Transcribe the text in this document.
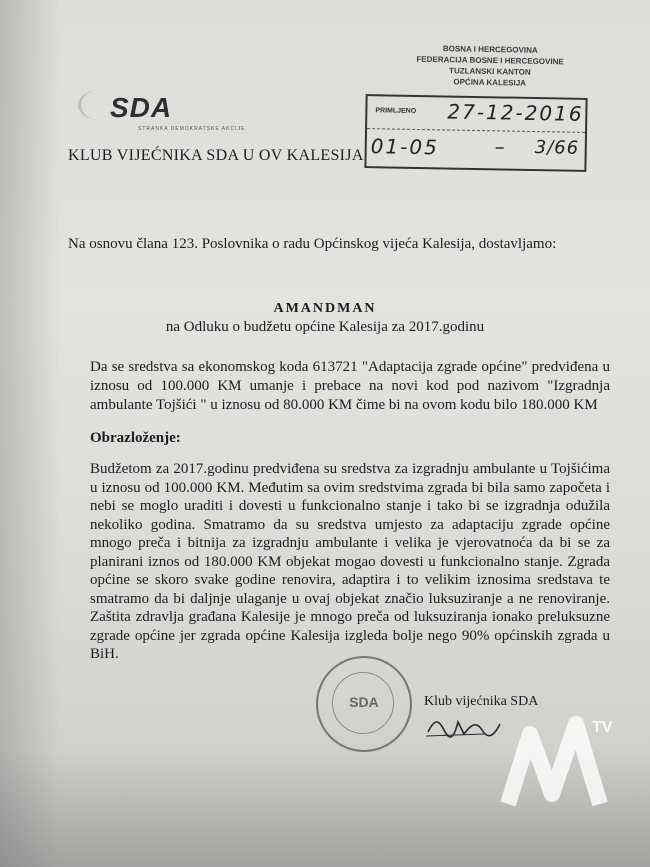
BOSNA I HERCEGOVINA
FEDERACIJA BOSNE I HERCEGOVINE
TUZLANSKI KANTON
OPĆINA KALESIJA
PRIMLJENO 27-12-2016
01-05	– 3/66
SDA
STRANKA DEMOKRATSKE AKCIJE
KLUB VIJEĆNIKA SDA U OV KALESIJA
Na osnovu člana 123. Poslovnika o radu Općinskog vijeća Kalesija, dostavljamo:
AMANDMAN
na Odluku o budžetu općine Kalesija za 2017.godinu
Da se sredstva sa ekonomskog koda 613721 "Adaptacija zgrade općine" predviđena u iznosu od 100.000 KM umanje i prebace na novi kod pod nazivom "Izgradnja ambulante Tojšići " u iznosu od 80.000 KM čime bi na ovom kodu bilo 180.000 KM
Obrazloženje:
Budžetom za 2017.godinu predviđena su sredstva za izgradnju ambulante u Tojšićima u iznosu od 100.000 KM. Međutim sa ovim sredstvima zgrada bi bila samo započeta i nebi se moglo uraditi i dovesti u funkcionalno stanje i tako bi se izgradnja odužila nekoliko godina. Smatramo da su sredstva umjesto za adaptaciju zgrade općine mnogo preča i bitnija za izgradnju ambulante i velika je vjerovatnoća da bi se za planirani iznos od 180.000 KM objekat mogao dovesti u funkcionalno stanje. Zgrada općine se skoro svake godine renovira, adaptira i to velikim iznosima sredstava te smatramo da bi daljnje ulaganje u ovaj objekat značio luksuziranje a ne renoviranje. Zaštita zdravlja građana Kalesije je mnogo preča od luksuziranja ionako preluksuzne zgrade općine jer zgrada općine Kalesija izgleda bolje nego 90% općinskih zgrada u BiH.
SDA	Klub vijećnika SDA
TV
